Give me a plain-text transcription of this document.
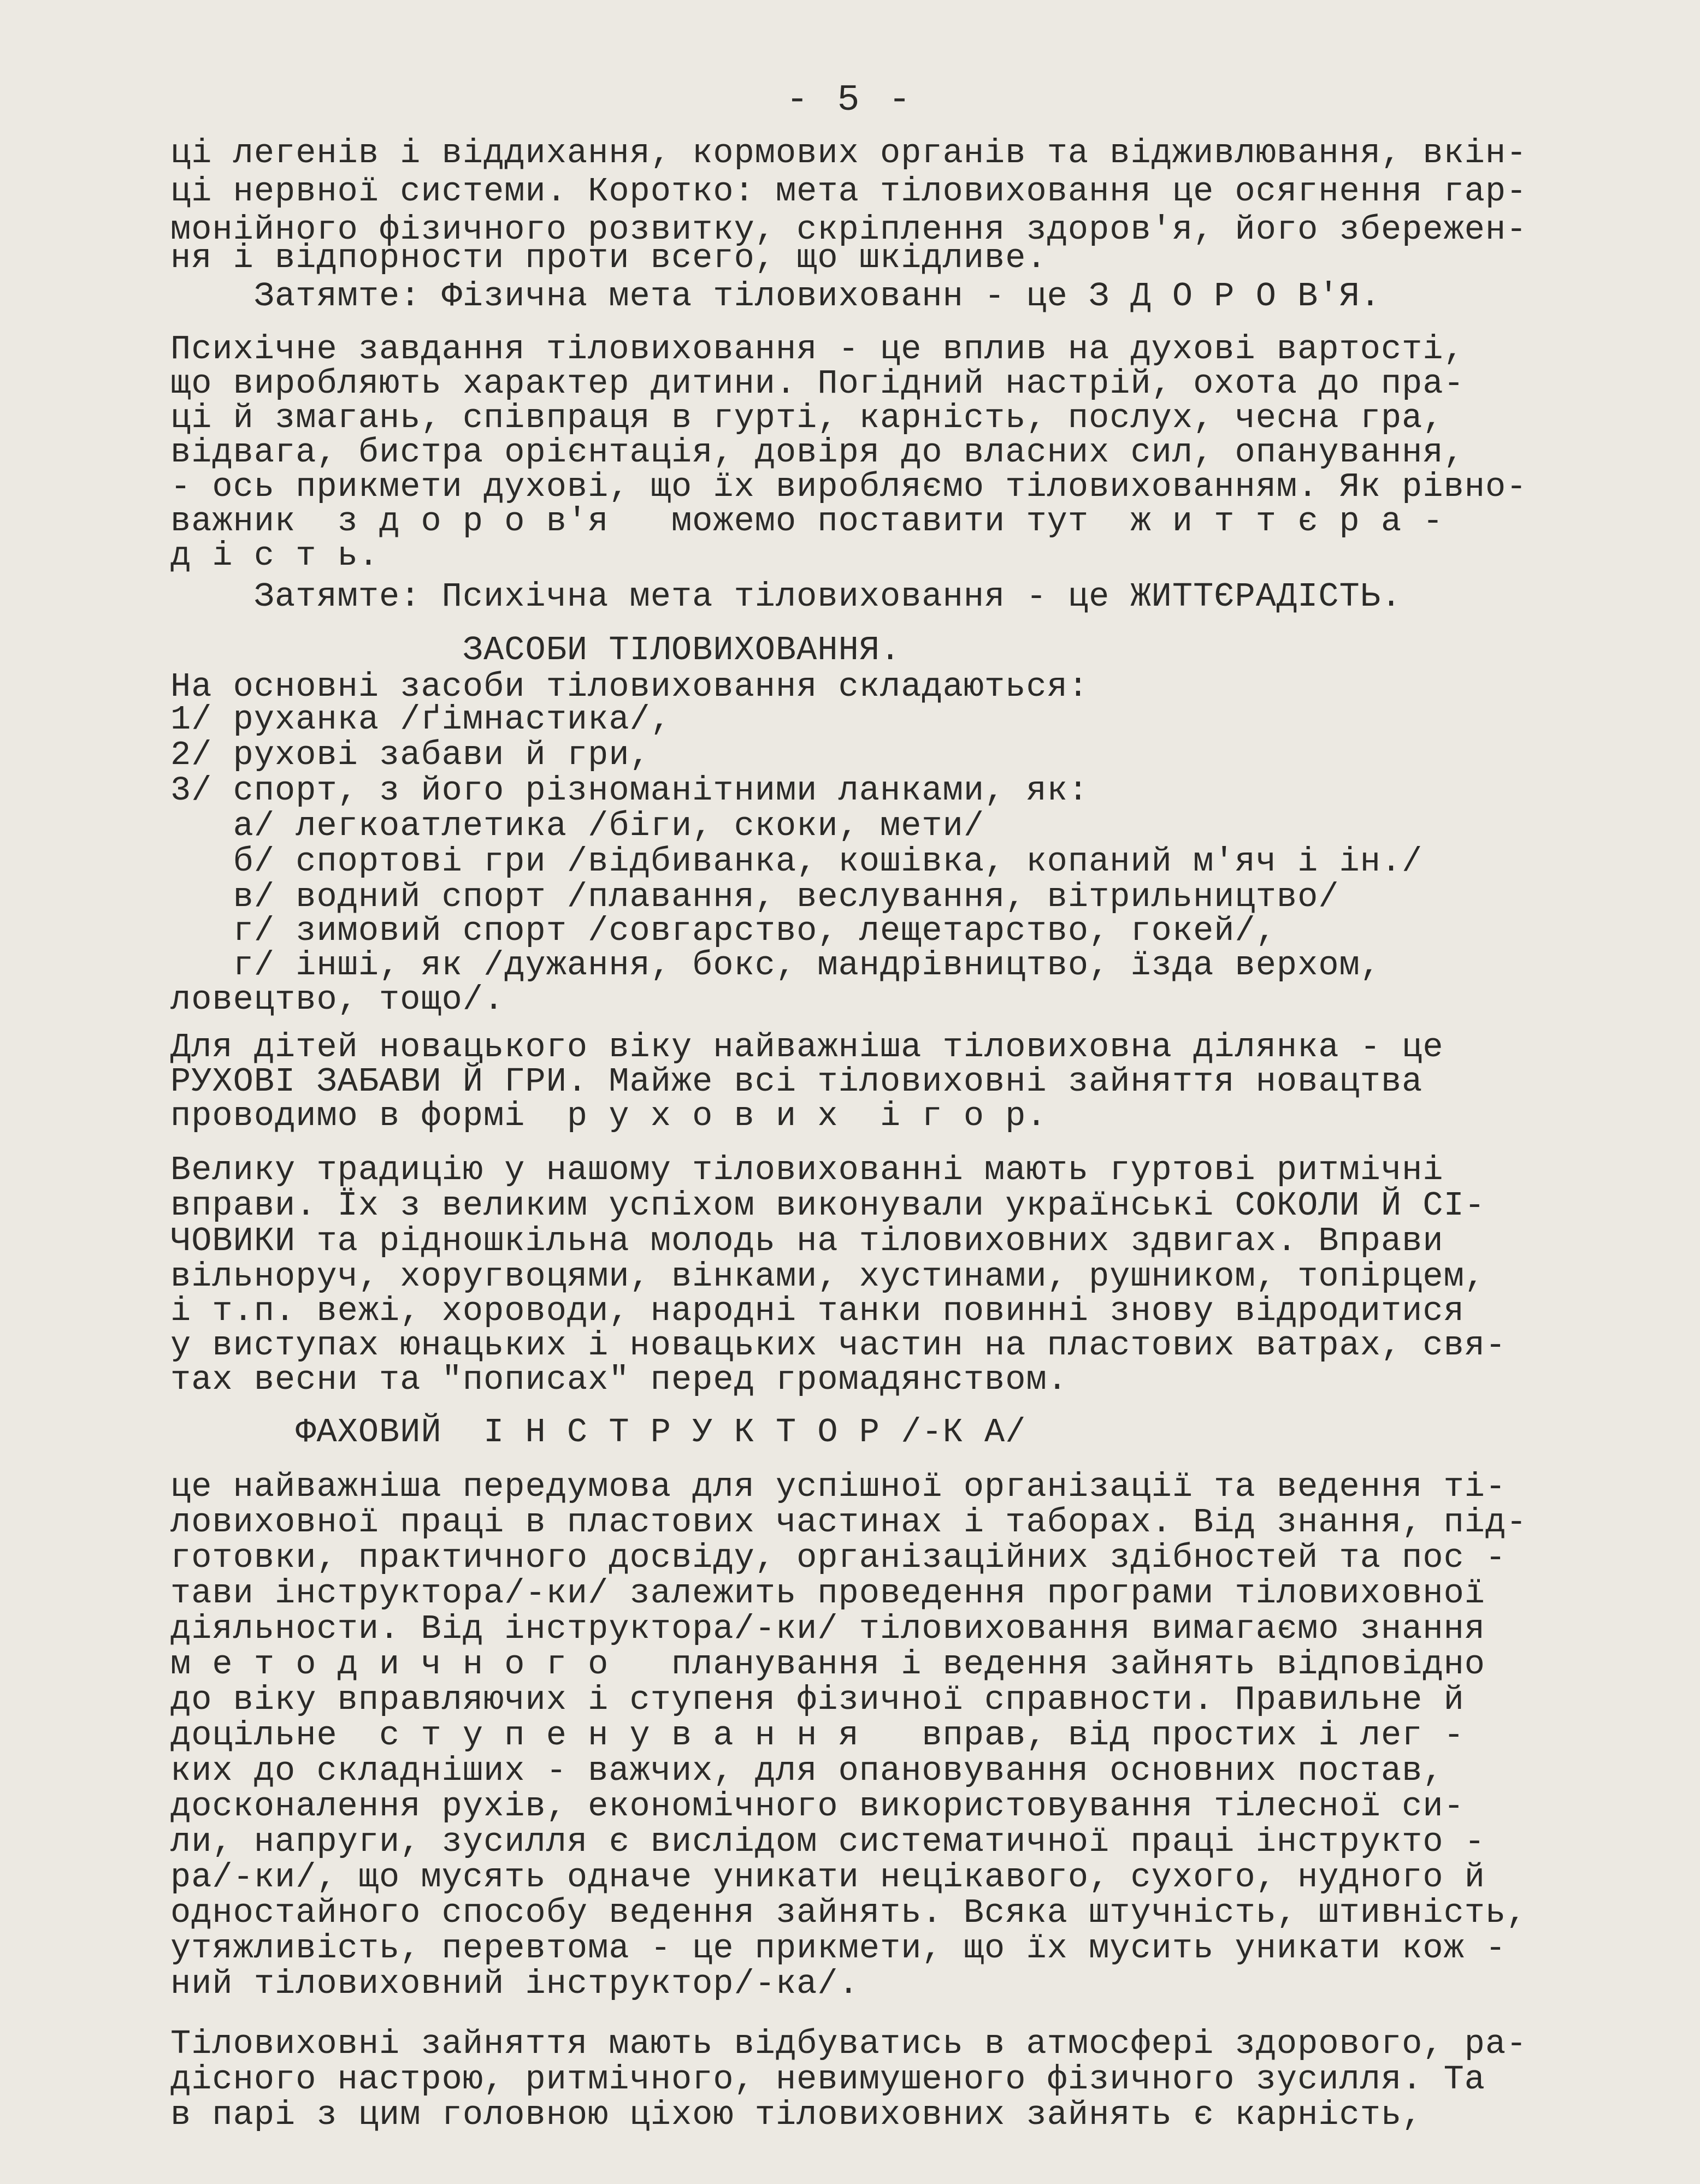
- 5 -

ці легенів і віддихання, кормових органів та відживлювання, вкін-

ці нервної системи. Коротко: мета тіловиховання це осягнення гар-

монійного фізичного розвитку, скріплення здоров'я, його збережен-

ня і відпорности проти всего, що шкідливе.

Затямте: Фізична мета тіловихованн - це З Д О Р О В'Я.

Психічне завдання тіловиховання - це вплив на духові вартості,

що виробляють характер дитини. Погідний настрій, охота до пра-

ці й змагань, співпраця в гурті, карність, послух, чесна гра,

відвага, бистра орієнтація, довіря до власних сил, опанування,

- ось прикмети духові, що їх виробляємо тіловихованням. Як рівно-

важник  з д о р о в'я   можемо поставити тут  ж и т т є р а -

д і с т ь.

Затямте: Психічна мета тіловиховання - це ЖИТТЄРАДІСТЬ.

ЗАСОБИ ТІЛОВИХОВАННЯ.

На основні засоби тіловиховання складаються:

1/ руханка /ґімнастика/,

2/ рухові забави й гри,

3/ спорт, з його різноманітними ланками, як:

а/ легкоатлетика /біги, скоки, мети/

б/ спортові гри /відбиванка, кошівка, копаний м'яч і ін./

в/ водний спорт /плавання, веслування, вітрильництво/

г/ зимовий спорт /совгарство, лещетарство, гокей/,

г/ інші, як /дужання, бокс, мандрівництво, їзда верхом,

ловецтво, тощо/.

Для дітей новацького віку найважніша тіловиховна ділянка - це

РУХОВІ ЗАБАВИ Й ГРИ. Майже всі тіловиховні зайняття новацтва

проводимо в формі  р у х о в и х  і г о р.

Велику традицію у нашому тіловихованні мають гуртові ритмічні

вправи. Їх з великим успіхом виконували українські СОКОЛИ Й СІ-

ЧОВИКИ та рідношкільна молодь на тіловиховних здвигах. Вправи

вільноруч, хоругвоцями, вінками, хустинами, рушником, топірцем,

і т.п. вежі, хороводи, народні танки повинні знову відродитися

у виступах юнацьких і новацьких частин на пластових ватрах, свя-

тах весни та "пописах" перед громадянством.

ФАХОВИЙ  І Н С Т Р У К Т О Р /-К А/

це найважніша передумова для успішної організації та ведення ті-

ловиховної праці в пластових частинах і таборах. Від знання, під-

готовки, практичного досвіду, організаційних здібностей та пос -

тави інструктора/-ки/ залежить проведення програми тіловиховної

діяльности. Від інструктора/-ки/ тіловиховання вимагаємо знання

м е т о д и ч н о г о   планування і ведення зайнять відповідно

до віку вправляючих і ступеня фізичної справности. Правильне й

доцільне  с т у п е н у в а н н я   вправ, від простих і лег -

ких до складніших - важчих, для опановування основних постав,

досконалення рухів, економічного використовування тілесної си-

ли, напруги, зусилля є вислідом систематичної праці інструкто -

ра/-ки/, що мусять одначе уникати нецікавого, сухого, нудного й

одностайного способу ведення зайнять. Всяка штучність, штивність,

утяжливість, перевтома - це прикмети, що їх мусить уникати кож -

ний тіловиховний інструктор/-ка/.

Тіловиховні зайняття мають відбуватись в атмосфері здорового, ра-

дісного настрою, ритмічного, невимушеного фізичного зусилля. Та

в парі з цим головною ціхою тіловиховних зайнять є карність,
